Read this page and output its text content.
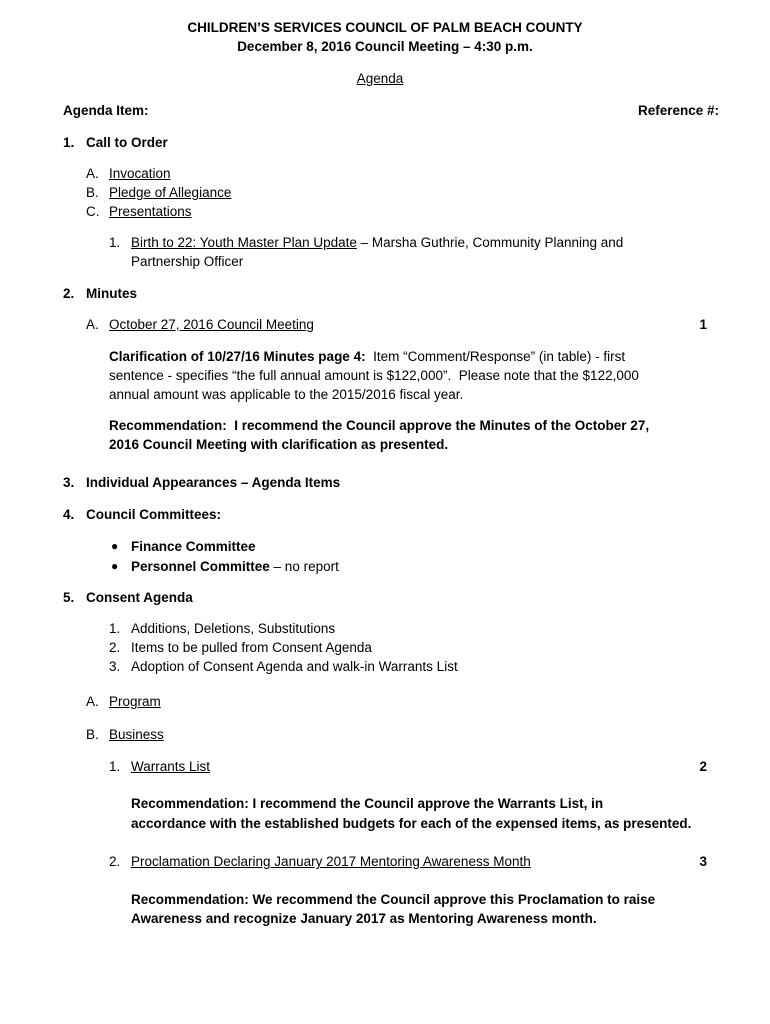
CHILDREN’S SERVICES COUNCIL OF PALM BEACH COUNTY
December 8, 2016 Council Meeting – 4:30 p.m.
Agenda
Agenda Item:	Reference #:
1. Call to Order
A. Invocation
B. Pledge of Allegiance
C. Presentations
1. Birth to 22: Youth Master Plan Update – Marsha Guthrie, Community Planning and
Partnership Officer
2. Minutes
A. October 27, 2016 Council Meeting	1
Clarification of 10/27/16 Minutes page 4:  Item “Comment/Response” (in table) - first
sentence - specifies “the full annual amount is $122,000”.  Please note that the $122,000
annual amount was applicable to the 2015/2016 fiscal year.
Recommendation:  I recommend the Council approve the Minutes of the October 27,
2016 Council Meeting with clarification as presented.
3. Individual Appearances – Agenda Items
4. Council Committees:
● Finance Committee
● Personnel Committee – no report
5. Consent Agenda
1. Additions, Deletions, Substitutions
2. Items to be pulled from Consent Agenda
3. Adoption of Consent Agenda and walk-in Warrants List
A. Program
B. Business
1. Warrants List	2
Recommendation: I recommend the Council approve the Warrants List, in
accordance with the established budgets for each of the expensed items, as presented.
2. Proclamation Declaring January 2017 Mentoring Awareness Month	3
Recommendation: We recommend the Council approve this Proclamation to raise
Awareness and recognize January 2017 as Mentoring Awareness month.
